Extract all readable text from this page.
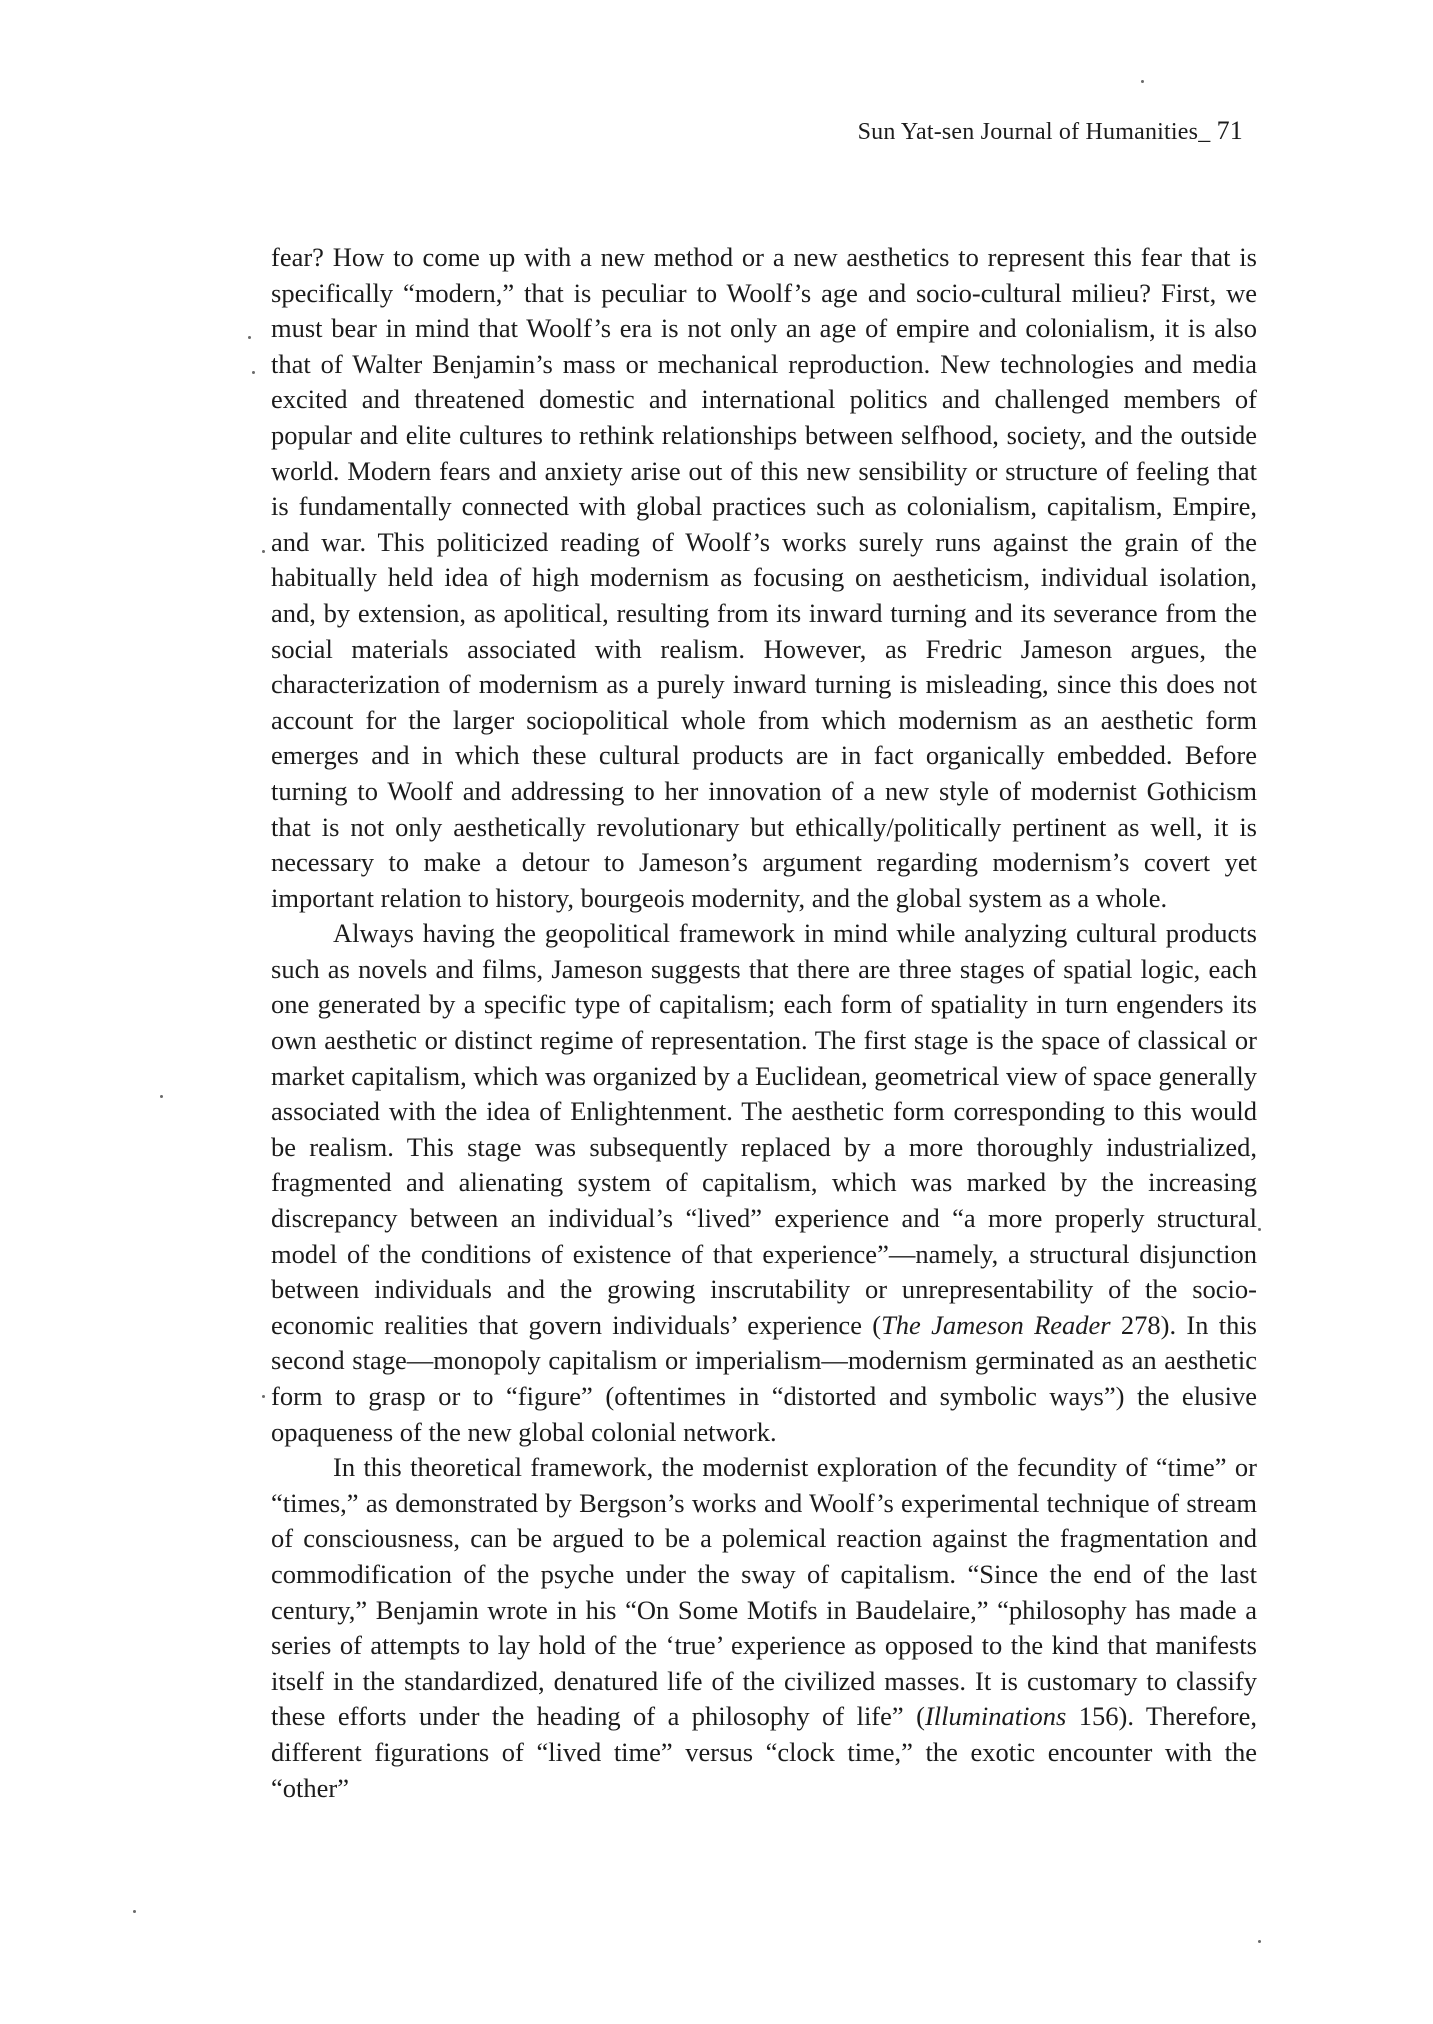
Sun Yat-sen Journal of Humanities_ 71

fear? How to come up with a new method or a new aesthetics to represent this fear that is specifically “modern,” that is peculiar to Woolf’s age and socio-cultural milieu? First, we must bear in mind that Woolf’s era is not only an age of empire and colonialism, it is also that of Walter Benjamin’s mass or mechanical reproduction. New technologies and media excited and threatened domestic and international politics and challenged members of popular and elite cultures to rethink relationships between selfhood, society, and the outside world. Modern fears and anxiety arise out of this new sensibility or structure of feeling that is fundamentally connected with global practices such as colonialism, capitalism, Empire, and war. This politicized reading of Woolf’s works surely runs against the grain of the habitually held idea of high modernism as focusing on aestheticism, individual isolation, and, by extension, as apolitical, resulting from its inward turning and its severance from the social materials associated with realism. However, as Fredric Jameson argues, the characterization of modernism as a purely inward turning is misleading, since this does not account for the larger sociopolitical whole from which modernism as an aesthetic form emerges and in which these cultural products are in fact organically embedded. Before turning to Woolf and addressing to her innovation of a new style of modernist Gothicism that is not only aesthetically revolutionary but ethically/politically pertinent as well, it is necessary to make a detour to Jameson’s argument regarding modernism’s covert yet important relation to history, bourgeois modernity, and the global system as a whole.

Always having the geopolitical framework in mind while analyzing cultural products such as novels and films, Jameson suggests that there are three stages of spatial logic, each one generated by a specific type of capitalism; each form of spatiality in turn engenders its own aesthetic or distinct regime of representation. The first stage is the space of classical or market capitalism, which was organized by a Euclidean, geometrical view of space generally associated with the idea of Enlightenment. The aesthetic form corresponding to this would be realism. This stage was subsequently replaced by a more thoroughly industrialized, fragmented and alienating system of capitalism, which was marked by the increasing discrepancy between an individual’s “lived” experience and “a more properly structural model of the conditions of existence of that experience”—namely, a structural disjunction between individuals and the growing inscrutability or unrepresentability of the socio-economic realities that govern individuals’ experience (The Jameson Reader 278). In this second stage—monopoly capitalism or imperialism—modernism germinated as an aesthetic form to grasp or to “figure” (oftentimes in “distorted and symbolic ways”) the elusive opaqueness of the new global colonial network.

In this theoretical framework, the modernist exploration of the fecundity of “time” or “times,” as demonstrated by Bergson’s works and Woolf’s experimental technique of stream of consciousness, can be argued to be a polemical reaction against the fragmentation and commodification of the psyche under the sway of capitalism. “Since the end of the last century,” Benjamin wrote in his “On Some Motifs in Baudelaire,” “philosophy has made a series of attempts to lay hold of the ‘true’ experience as opposed to the kind that manifests itself in the standardized, denatured life of the civilized masses. It is customary to classify these efforts under the heading of a philosophy of life” (Illuminations 156). Therefore, different figurations of “lived time” versus “clock time,” the exotic encounter with the “other”
